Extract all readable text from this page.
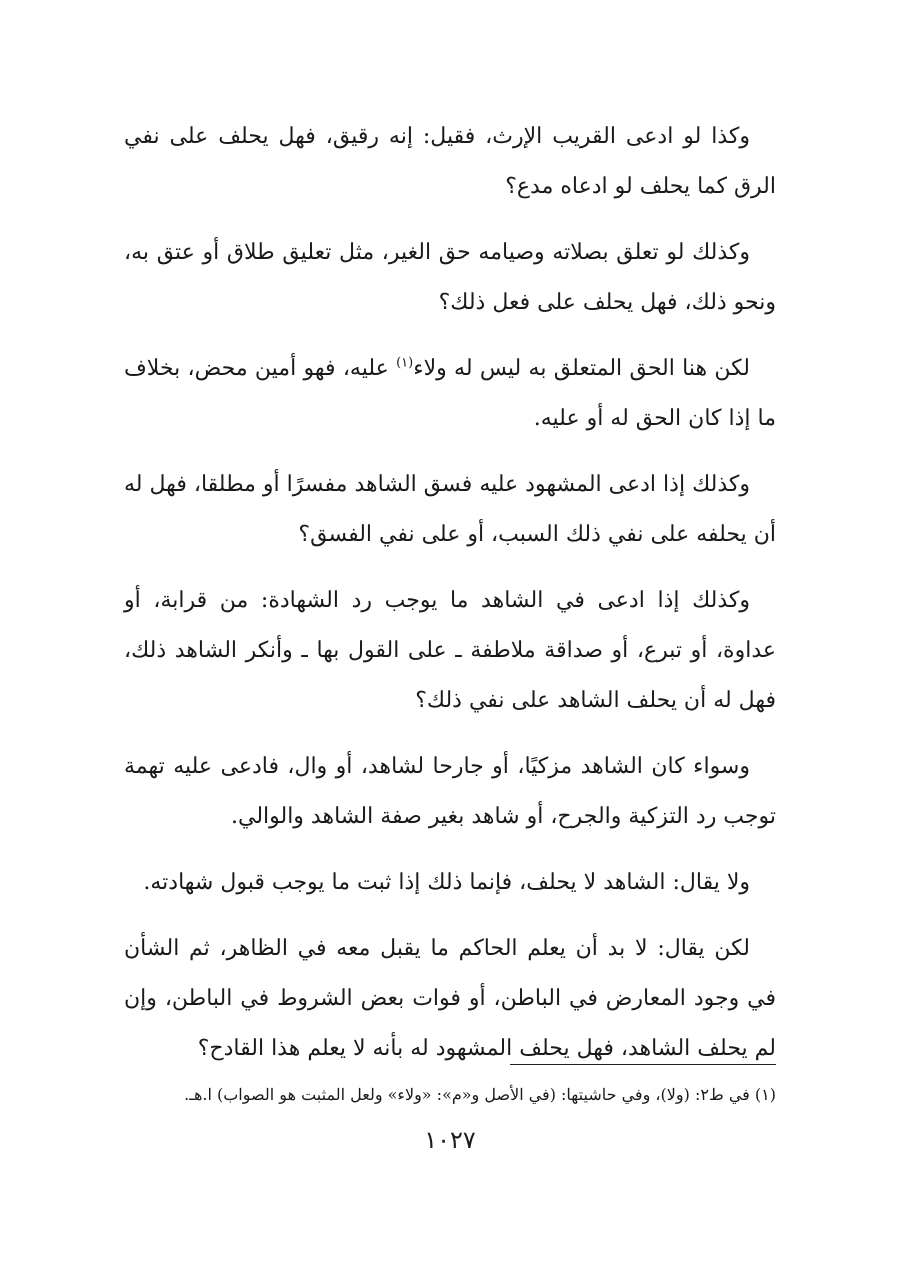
وكذا لو ادعى القريب الإرث، فقيل: إنه رقيق، فهل يحلف على نفي الرق كما يحلف لو ادعاه مدع؟

وكذلك لو تعلق بصلاته وصيامه حق الغير، مثل تعليق طلاق أو عتق به، ونحو ذلك، فهل يحلف على فعل ذلك؟

لكن هنا الحق المتعلق به ليس له ولاء$^{(١)}$ عليه، فهو أمين محض، بخلاف ما إذا كان الحق له أو عليه.

وكذلك إذا ادعى المشهود عليه فسق الشاهد مفسرًا أو مطلقا، فهل له أن يحلفه على نفي ذلك السبب، أو على نفي الفسق؟

وكذلك إذا ادعى في الشاهد ما يوجب رد الشهادة: من قرابة، أو عداوة، أو تبرع، أو صداقة ملاطفة ـ على القول بها ـ وأنكر الشاهد ذلك، فهل له أن يحلف الشاهد على نفي ذلك؟

وسواء كان الشاهد مزكيًا، أو جارحا لشاهد، أو وال، فادعى عليه تهمة توجب رد التزكية والجرح، أو شاهد بغير صفة الشاهد والوالي.

ولا يقال: الشاهد لا يحلف، فإنما ذلك إذا ثبت ما يوجب قبول شهادته.

لكن يقال: لا بد أن يعلم الحاكم ما يقبل معه في الظاهر، ثم الشأن في وجود المعارض في الباطن، أو فوات بعض الشروط في الباطن، وإن لم يحلف الشاهد، فهل يحلف المشهود له بأنه لا يعلم هذا القادح؟

(١) في ط٢: (ولا)، وفي حاشيتها: (في الأصل و«م»: «ولاء» ولعل المثبت هو الصواب) ا.هـ.
١٠٢٧
